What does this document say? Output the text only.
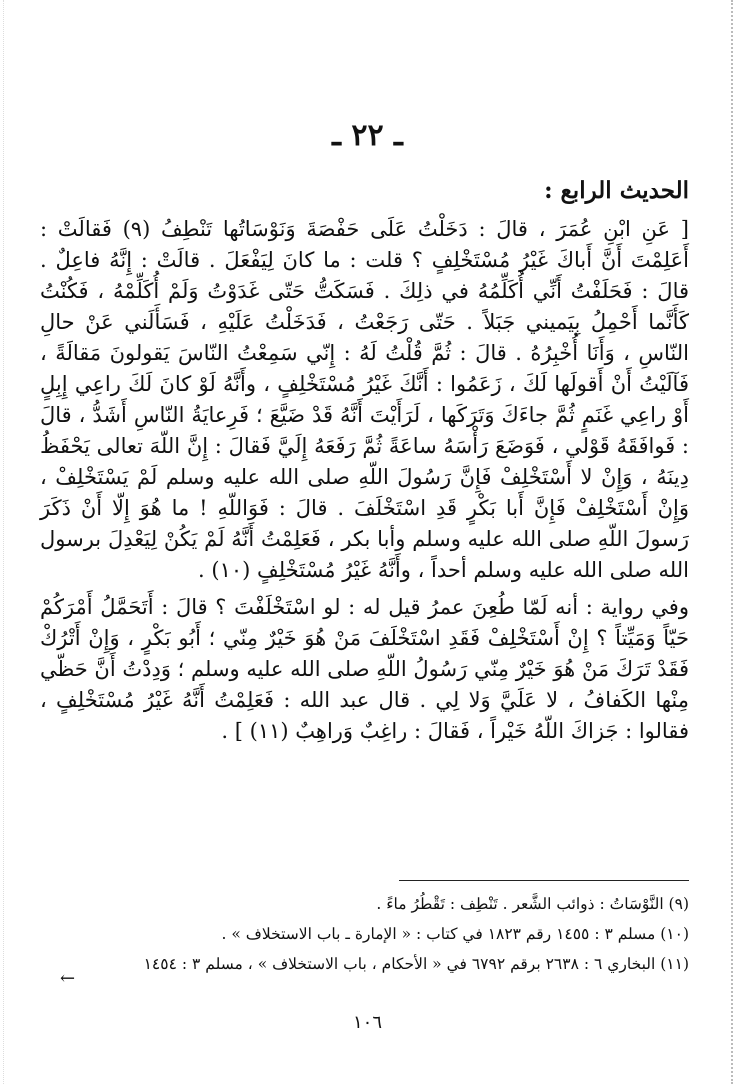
ـ ٢٢ ـ
الحديث الرابع :

[ عَنِ ابْنِ عُمَرَ ، قالَ : دَخَلْتُ عَلَى حَفْصَةَ وَنَوْسَاتُها تَنْطِفُ (٩) فَقالَتْ : أَعَلِمْتَ أَنَّ أَباكَ غَيْرُ مُسْتَخْلِفٍ ؟ قلت : ما كانَ لِيَفْعَلَ . قالَتْ : إِنَّهُ فاعِلٌ . قالَ : فَحَلَفْتُ أَنِّي أُكَلِّمُهُ في ذلِكَ . فَسَكَتُّ حَتّى غَدَوْتُ وَلَمْ أُكَلِّمْهُ ، فَكُنْتُ كَأَنَّما أَحْمِلُ بِيَميني جَبَلاً . حَتّى رَجَعْتُ ، فَدَخَلْتُ عَلَيْهِ ، فَسَأَلَني عَنْ حالِ النّاسِ ، وَأَنَا أُخْبِرُهُ . قالَ : ثُمَّ قُلْتُ لَهُ : إِنّي سَمِعْتُ النّاسَ يَقولونَ مَقالَةً ، فَآلَيْتُ أَنْ أَقولَها لَكَ ، زَعَمُوا : أَنَّكَ غَيْرُ مُسْتَخْلِفٍ ، وأَنَّهُ لَوْ كانَ لَكَ راعِي إِبِلٍ أَوْ راعِي غَنَمٍ ثُمَّ جاءَكَ وَتَرَكَها ، لَرَأَيْتَ أَنَّهُ قَدْ ضَيَّعَ ؛ فَرِعايَةُ النّاسِ أَشَدُّ ، قالَ : فَوافَقَهُ قَوْلي ، فَوَضَعَ رَأْسَهُ ساعَةً ثُمَّ رَفَعَهُ إِلَيَّ فَقالَ : إِنَّ اللّهَ تعالى يَحْفَظُ دِينَهُ ، وَإِنْ لا أَسْتَخْلِفْ فَإِنَّ رَسُولَ اللّهِ صلى الله عليه وسلم لَمْ يَسْتَخْلِفْ ، وَإِنْ أَسْتَخْلِفْ فَإِنَّ أَبا بَكْرٍ قَدِ اسْتَخْلَفَ . قالَ : فَوَاللّهِ ! ما هُوَ إِلّا أَنْ ذَكَرَ رَسولَ اللّهِ صلى الله عليه وسلم وأبا بكر ، فَعَلِمْتُ أَنَّهُ لَمْ يَكُنْ لِيَعْدِلَ برسول الله صلى الله عليه وسلم أحداً ، وأَنَّهُ غَيْرُ مُسْتَخْلِفٍ (١٠) .

وفي رواية : أنه لَمّا طُعِنَ عمرُ قيل له : لو اسْتَخْلَفْتَ ؟ قالَ : أَتَحَمَّلُ أَمْرَكُمْ حَيّاً وَمَيِّتاً ؟ إِنْ أَسْتَخْلِفْ فَقَدِ اسْتَخْلَفَ مَنْ هُوَ خَيْرٌ مِنّي ؛ أَبُو بَكْرٍ ، وَإِنْ أَتْرُكْ فَقَدْ تَرَكَ مَنْ هُوَ خَيْرٌ مِنّي رَسُولُ اللّهِ صلى الله عليه وسلم ؛ وَدِدْتُ أَنَّ حَظّي مِنْها الكَفافُ ، لا عَلَيَّ وَلا لِي . قال عبد الله : فَعَلِمْتُ أَنَّهُ غَيْرُ مُسْتَخْلِفٍ ، فقالوا : جَزاكَ اللّهُ خَيْراً ، فَقالَ : راغِبٌ وَراهِبٌ (١١) ] .

(٩) النَّوْسَاتُ : ذوائب الشَّعر . تَنْطِف : تَقْطُرُ ماءً .
(١٠) مسلم ٣ : ١٤٥٥ رقم ١٨٢٣ في كتاب : « الإمارة ـ باب الاستخلاف » .
(١١) البخاري ٦ : ٢٦٣٨ برقم ٦٧٩٢ في « الأحكام ، باب الاستخلاف » ، مسلم ٣ : ١٤٥٤
←
١٠٦
